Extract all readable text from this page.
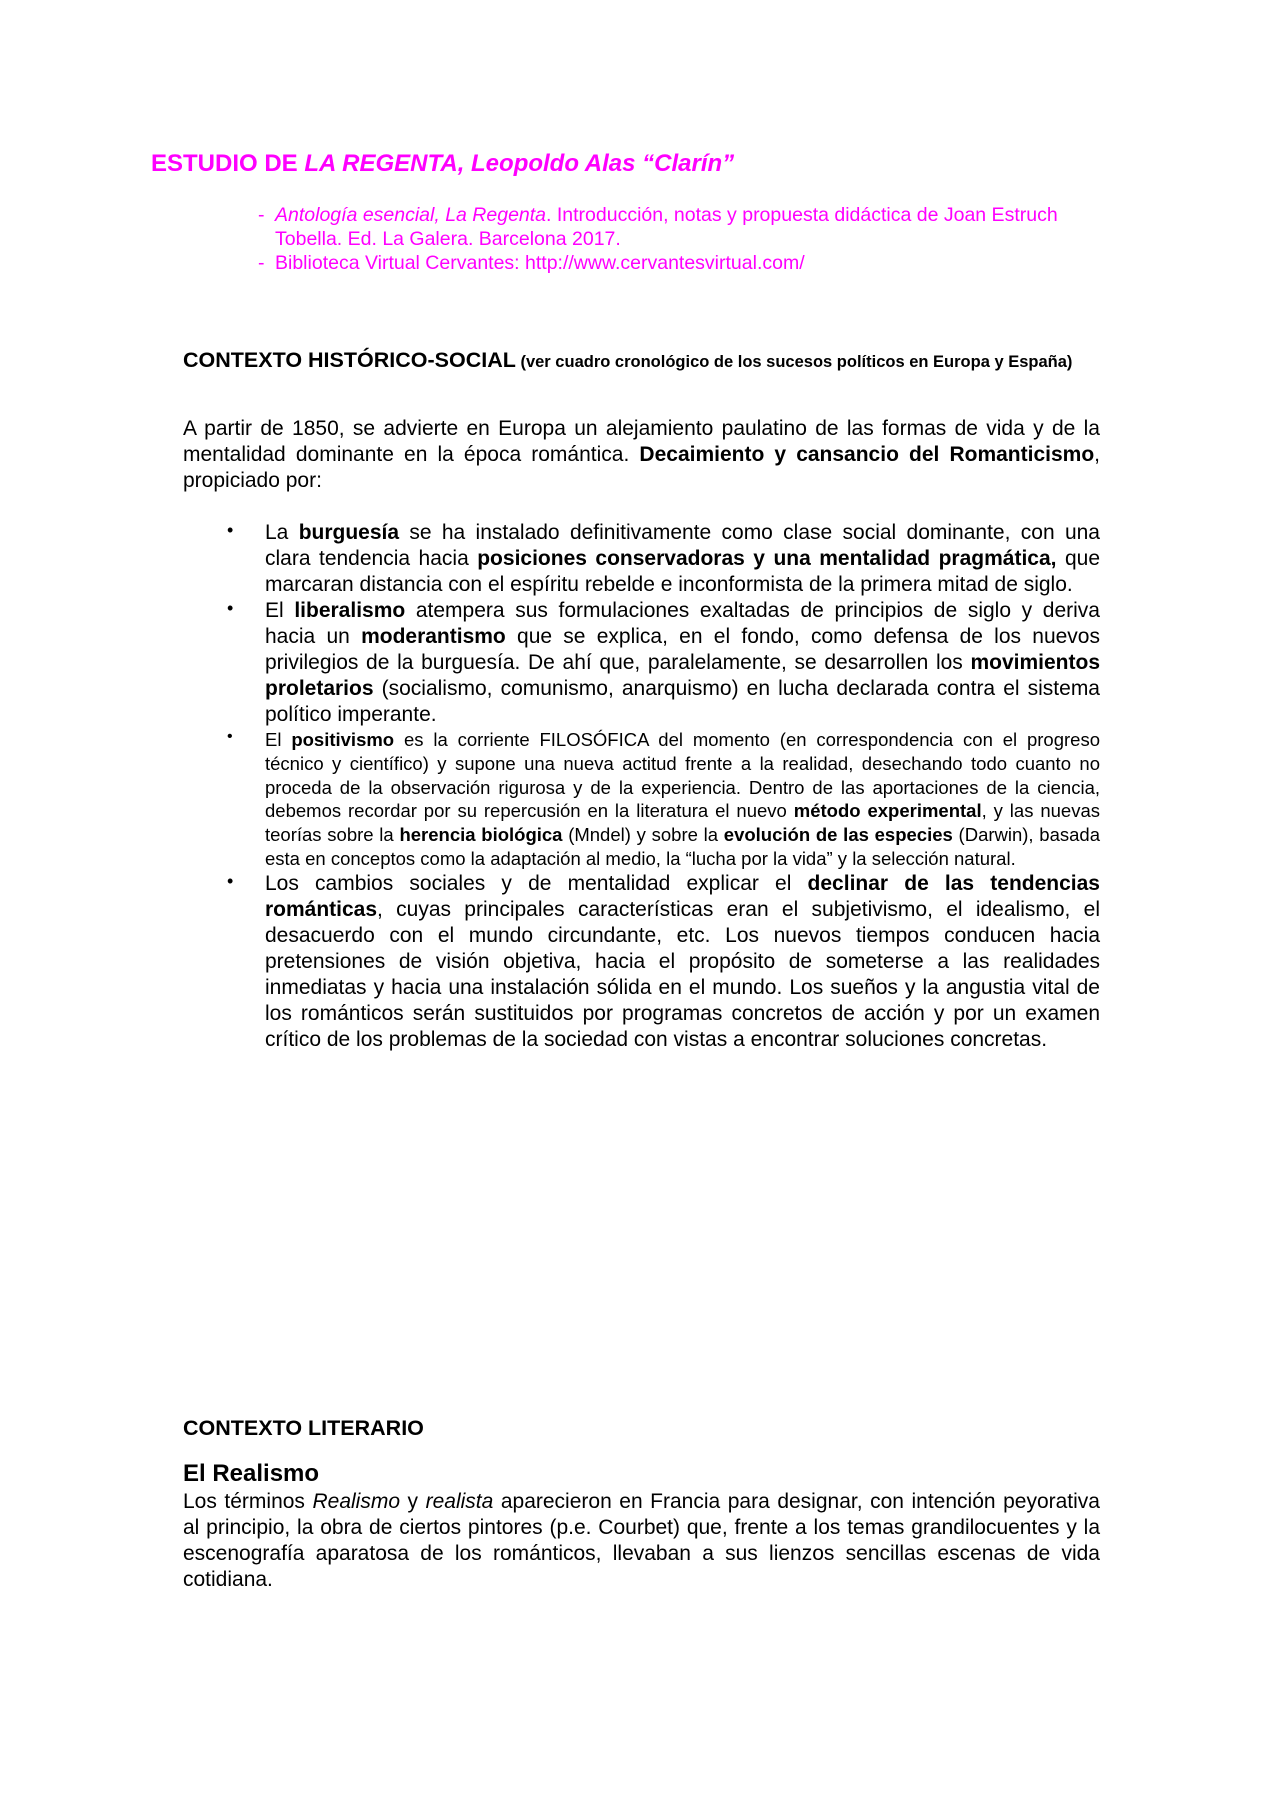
ESTUDIO DE LA REGENTA, Leopoldo Alas “Clarín”
- Antología esencial, La Regenta. Introducción, notas y propuesta didáctica de Joan Estruch Tobella. Ed. La Galera. Barcelona 2017.
- Biblioteca Virtual Cervantes: http://www.cervantesvirtual.com/
CONTEXTO HISTÓRICO-SOCIAL (ver cuadro cronológico de los sucesos políticos en Europa y España)

A partir de 1850, se advierte en Europa un alejamiento paulatino de las formas de vida y de la mentalidad dominante en la época romántica. Decaimiento y cansancio del Romanticismo, propiciado por:

• La burguesía se ha instalado definitivamente como clase social dominante, con una clara tendencia hacia posiciones conservadoras y una mentalidad pragmática, que marcaran distancia con el espíritu rebelde e inconformista de la primera mitad de siglo.

• El liberalismo atempera sus formulaciones exaltadas de principios de siglo y deriva hacia un moderantismo que se explica, en el fondo, como defensa de los nuevos privilegios de la burguesía. De ahí que, paralelamente, se desarrollen los movimientos proletarios (socialismo, comunismo, anarquismo) en lucha declarada contra el sistema político imperante.

• El positivismo es la corriente FILOSÓFICA del momento (en correspondencia con el progreso técnico y científico) y supone una nueva actitud frente a la realidad, desechando todo cuanto no proceda de la observación rigurosa y de la experiencia. Dentro de las aportaciones de la ciencia, debemos recordar por su repercusión en la literatura el nuevo método experimental, y las nuevas teorías sobre la herencia biológica (Mndel) y sobre la evolución de las especies (Darwin), basada esta en conceptos como la adaptación al medio, la “lucha por la vida” y la selección natural.

• Los cambios sociales y de mentalidad explicar el declinar de las tendencias románticas, cuyas principales características eran el subjetivismo, el idealismo, el desacuerdo con el mundo circundante, etc. Los nuevos tiempos conducen hacia pretensiones de visión objetiva, hacia el propósito de someterse a las realidades inmediatas y hacia una instalación sólida en el mundo. Los sueños y la angustia vital de los románticos serán sustituidos por programas concretos de acción y por un examen crítico de los problemas de la sociedad con vistas a encontrar soluciones concretas.

CONTEXTO LITERARIO
El Realismo

Los términos Realismo y realista aparecieron en Francia para designar, con intención peyorativa al principio, la obra de ciertos pintores (p.e. Courbet) que, frente a los temas grandilocuentes y la escenografía aparatosa de los románticos, llevaban a sus lienzos sencillas escenas de vida cotidiana.
